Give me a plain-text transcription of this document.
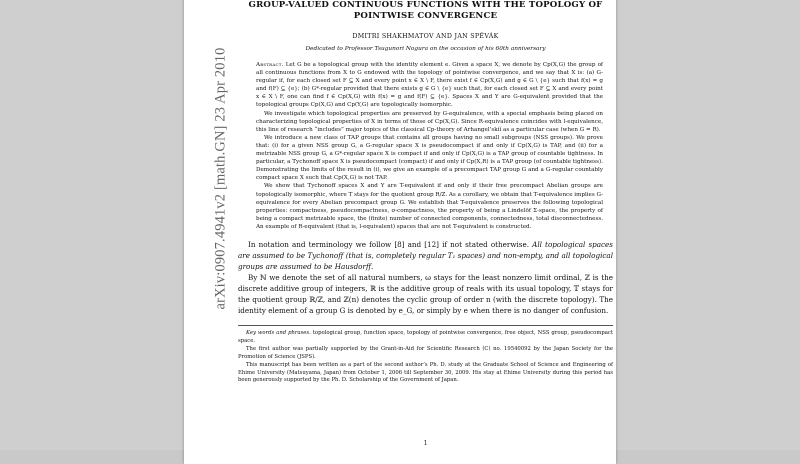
arXiv:0907.4941v2 [math.GN] 23 Apr 2010
GROUP-VALUED CONTINUOUS FUNCTIONS WITH THE TOPOLOGY OF
POINTWISE CONVERGENCE
DMITRI SHAKHMATOV AND JAN SPĚVÁK
Dedicated to Professor Tsugunori Nogura on the occasion of his 60th anniversary

Abstract. Let G be a topological group with the identity element e. Given a space X, we denote by Cp(X,G) the group of all continuous functions from X to G endowed with the topology of pointwise convergence, and we say that X is: (a) G-regular if, for each closed set F ⊆ X and every point x ∈ X \ F, there exist f ∈ Cp(X,G) and g ∈ G \ {e} such that f(x) = g and f(F) ⊆ {e}; (b) G*-regular provided that there exists g ∈ G \ {e} such that, for each closed set F ⊆ X and every point x ∈ X \ F, one can find f ∈ Cp(X,G) with f(x) = g and f(F) ⊆ {e}. Spaces X and Y are G-equivalent provided that the topological groups Cp(X,G) and Cp(Y,G) are topologically isomorphic.

We investigate which topological properties are preserved by G-equivalence, with a special emphasis being placed on characterizing topological properties of X in terms of those of Cp(X,G). Since R-equivalence coincides with l-equivalence, this line of research “includes” major topics of the classical Cp-theory of Arhangel’skiĭ as a particular case (when G = R).

We introduce a new class of TAP groups that contains all groups having no small subgroups (NSS groups). We prove that: (i) for a given NSS group G, a G-regular space X is pseudocompact if and only if Cp(X,G) is TAP, and (ii) for a metrizable NSS group G, a G*-regular space X is compact if and only if Cp(X,G) is a TAP group of countable tightness. In particular, a Tychonoff space X is pseudocompact (compact) if and only if Cp(X,R) is a TAP group (of countable tightness). Demonstrating the limits of the result in (i), we give an example of a precompact TAP group G and a G-regular countably compact space X such that Cp(X,G) is not TAP.

We show that Tychonoff spaces X and Y are T-equivalent if and only if their free precompact Abelian groups are topologically isomorphic, where T stays for the quotient group R/Z. As a corollary, we obtain that T-equivalence implies G-equivalence for every Abelian precompact group G. We establish that T-equivalence preserves the following topological properties: compactness, pseudocompactness, σ-compactness, the property of being a Lindelöf Σ-space, the property of being a compact metrizable space, the (finite) number of connected components, connectedness, total disconnectedness. An example of R-equivalent (that is, l-equivalent) spaces that are not T-equivalent is constructed.

In notation and terminology we follow [8] and [12] if not stated otherwise. All topological spaces are assumed to be Tychonoff (that is, completely regular T₁ spaces) and non-empty, and all topological groups are assumed to be Hausdorff.

By ℕ we denote the set of all natural numbers, ω stays for the least nonzero limit ordinal, ℤ is the discrete additive group of integers, ℝ is the additive group of reals with its usual topology, 𝕋 stays for the quotient group ℝ/ℤ, and ℤ(n) denotes the cyclic group of order n (with the discrete topology). The identity element of a group G is denoted by e_G, or simply by e when there is no danger of confusion.

Key words and phrases. topological group, function space, topology of pointwise convergence, free object, NSS group, pseudocompact space.

The first author was partially supported by the Grant-in-Aid for Scientific Research (C) no. 19540092 by the Japan Society for the Promotion of Science (JSPS).

This manuscript has been written as a part of the second author’s Ph. D. study at the Graduate School of Science and Engineering of Ehime University (Matsuyama, Japan) from October 1, 2006 till September 30, 2009. His stay at Ehime University during this period has been generously supported by the Ph. D. Scholarship of the Government of Japan.

1
